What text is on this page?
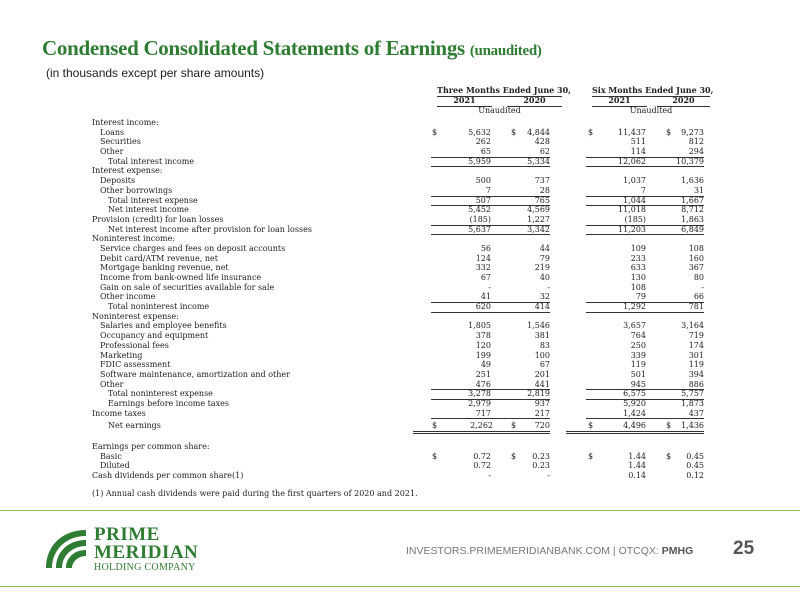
Condensed Consolidated Statements of Earnings (unaudited)
(in thousands except per share amounts)
Three Months Ended June 30,	Six Months Ended June 30,
2021	2020	2021	2020
Unaudited	Unaudited
Interest income:
Loans	$	5,632	$	4,844	$	11,437	$	9,273
Securities	262	428	511	812
Other	65	62	114	294
Total interest income	5,959	5,334	12,062	10,379
Interest expense:
Deposits	500	737	1,037	1,636
Other borrowings	7	28	7	31
Total interest expense	507	765	1,044	1,667
Net interest income	5,452	4,569	11,018	8,712
Provision (credit) for loan losses	(185)	1,227	(185)	1,863
Net interest income after provision for loan losses	5,637	3,342	11,203	6,849
Noninterest income:
Service charges and fees on deposit accounts	56	44	109	108
Debit card/ATM revenue, net	124	79	233	160
Mortgage banking revenue, net	332	219	633	367
Income from bank-owned life insurance	67	40	130	80
Gain on sale of securities available for sale	-	-	108	-
Other income	41	32	79	66
Total noninterest income	620	414	1,292	781
Noninterest expense:
Salaries and employee benefits	1,805	1,546	3,657	3,164
Occupancy and equipment	378	381	764	719
Professional fees	120	83	250	174
Marketing	199	100	339	301
FDIC assessment	49	67	119	119
Software maintenance, amortization and other	251	201	501	394
Other	476	441	945	886
Total noninterest expense	3,278	2,819	6,575	5,757
Earnings before income taxes	2,979	937	5,920	1,873
Income taxes	717	217	1,424	437
Net earnings	$	2,262 $	720	$	4,496	$	1,436
Earnings per common share:
Basic	$	0.72	$	0.23	$	1.44	$	0.45
Diluted	0.72	0.23	1.44	0.45
Cash dividends per common share(1)	-	-	0.14	0.12
(1) Annual cash dividends were paid during the first quarters of 2020 and 2021.
PRIME
MERIDIAN
HOLDING COMPANY
INVESTORS.PRIMEMERIDIANBANK.COM | OTCQX: PMHG 25
